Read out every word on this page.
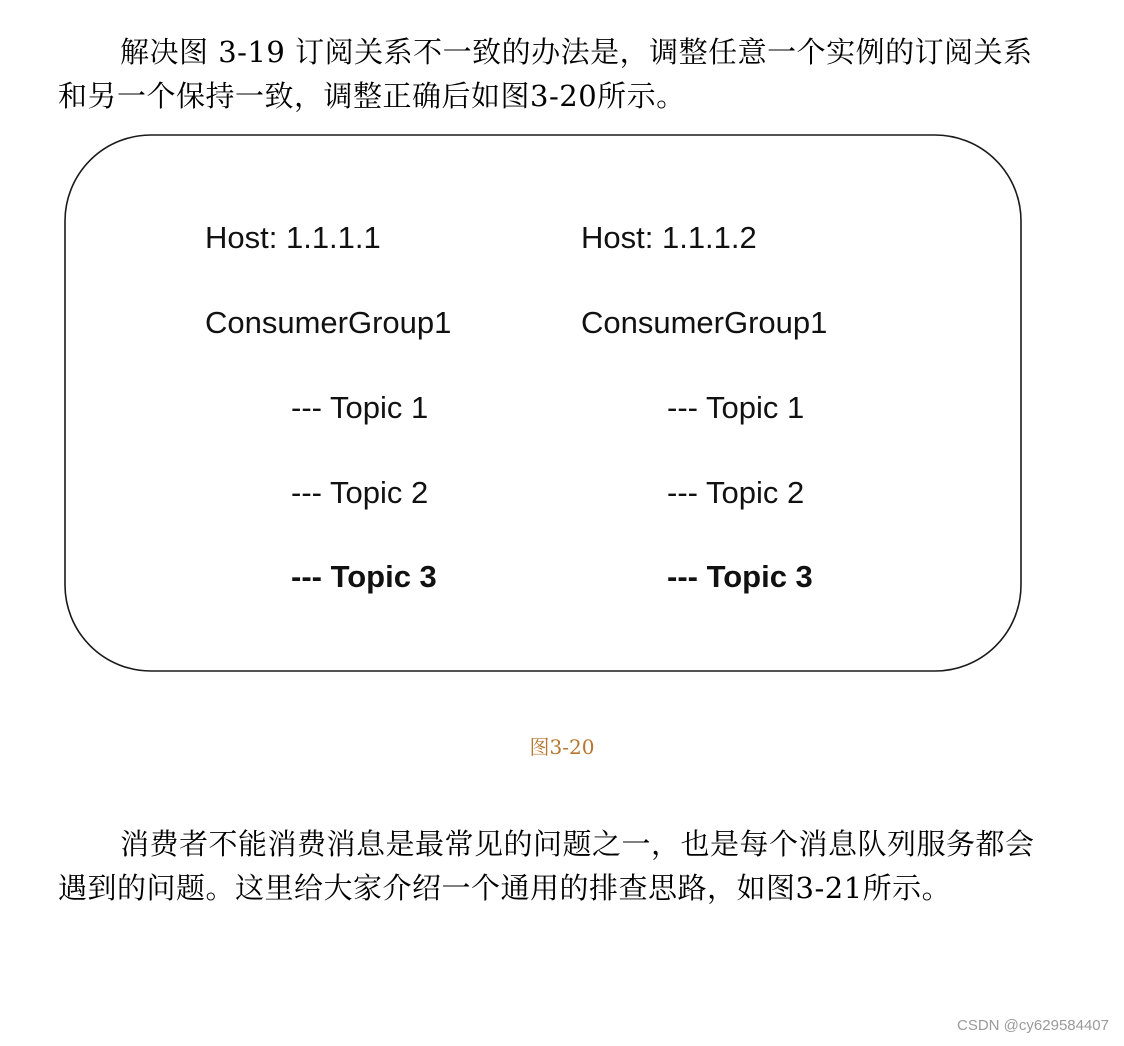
解决图 3-19 订阅关系不一致的办法是，调整任意一个实例的订阅关系和另一个保持一致，调整正确后如图3-20所示。

Host: 1.1.1.1
ConsumerGroup1
--- Topic 1
--- Topic 2
--- Topic 3
Host: 1.1.1.2
ConsumerGroup1
--- Topic 1
--- Topic 2
--- Topic 3
图3-20

消费者不能消费消息是最常见的问题之一，也是每个消息队列服务都会遇到的问题。这里给大家介绍一个通用的排查思路，如图3-21所示。

CSDN @cy629584407
